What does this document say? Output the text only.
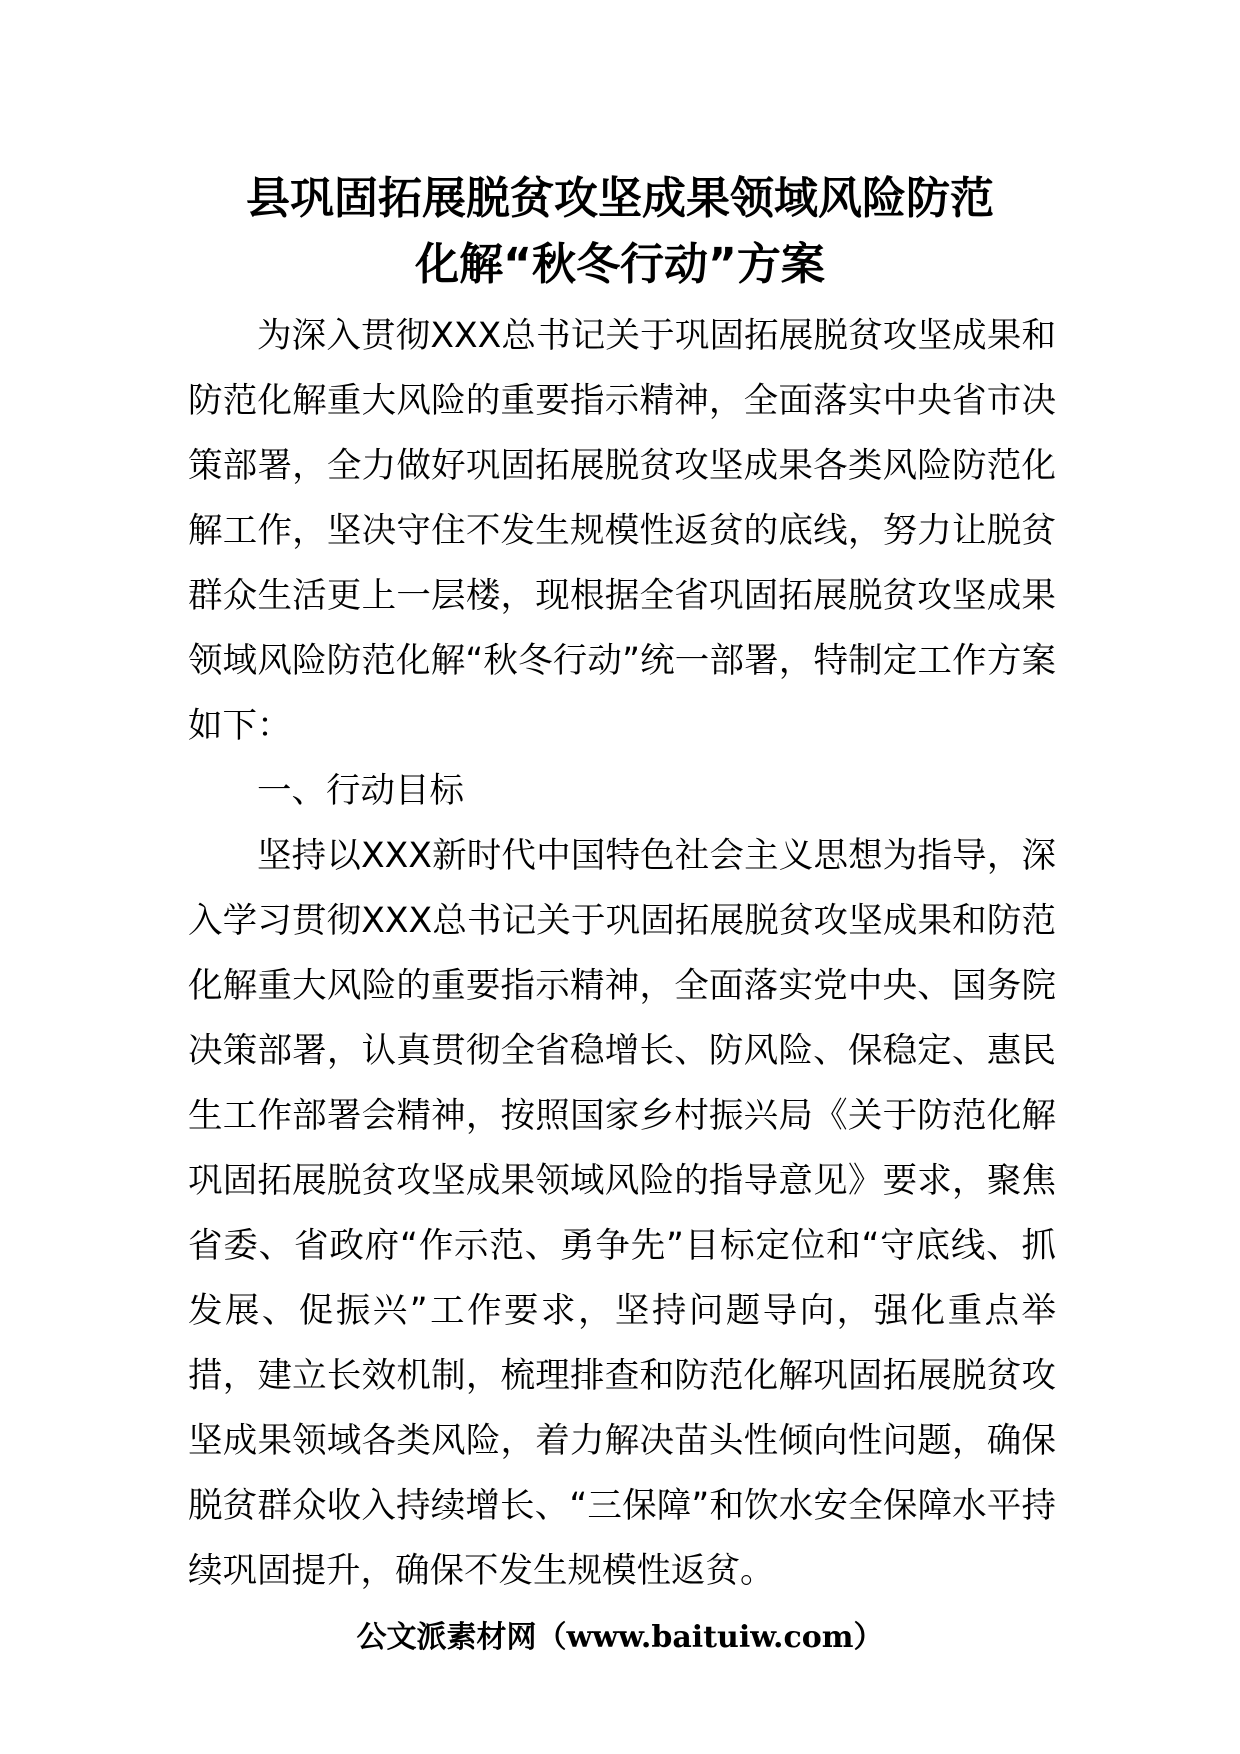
县巩固拓展脱贫攻坚成果领域风险防范
化解“秋冬行动”方案

为深入贯彻XXX总书记关于巩固拓展脱贫攻坚成果和防范化解重大风险的重要指示精神，全面落实中央省市决策部署，全力做好巩固拓展脱贫攻坚成果各类风险防范化解工作，坚决守住不发生规模性返贫的底线，努力让脱贫群众生活更上一层楼，现根据全省巩固拓展脱贫攻坚成果领域风险防范化解“秋冬行动”统一部署，特制定工作方案如下：

一、行动目标

坚持以XXX新时代中国特色社会主义思想为指导，深入学习贯彻XXX总书记关于巩固拓展脱贫攻坚成果和防范化解重大风险的重要指示精神，全面落实党中央、国务院决策部署，认真贯彻全省稳增长、防风险、保稳定、惠民生工作部署会精神，按照国家乡村振兴局《关于防范化解巩固拓展脱贫攻坚成果领域风险的指导意见》要求，聚焦省委、省政府“作示范、勇争先”目标定位和“守底线、抓发展、促振兴”工作要求，坚持问题导向，强化重点举措，建立长效机制，梳理排查和防范化解巩固拓展脱贫攻坚成果领域各类风险，着力解决苗头性倾向性问题，确保脱贫群众收入持续增长、“三保障”和饮水安全保障水平持续巩固提升，确保不发生规模性返贫。

公文派素材网（www.baituiw.com）
